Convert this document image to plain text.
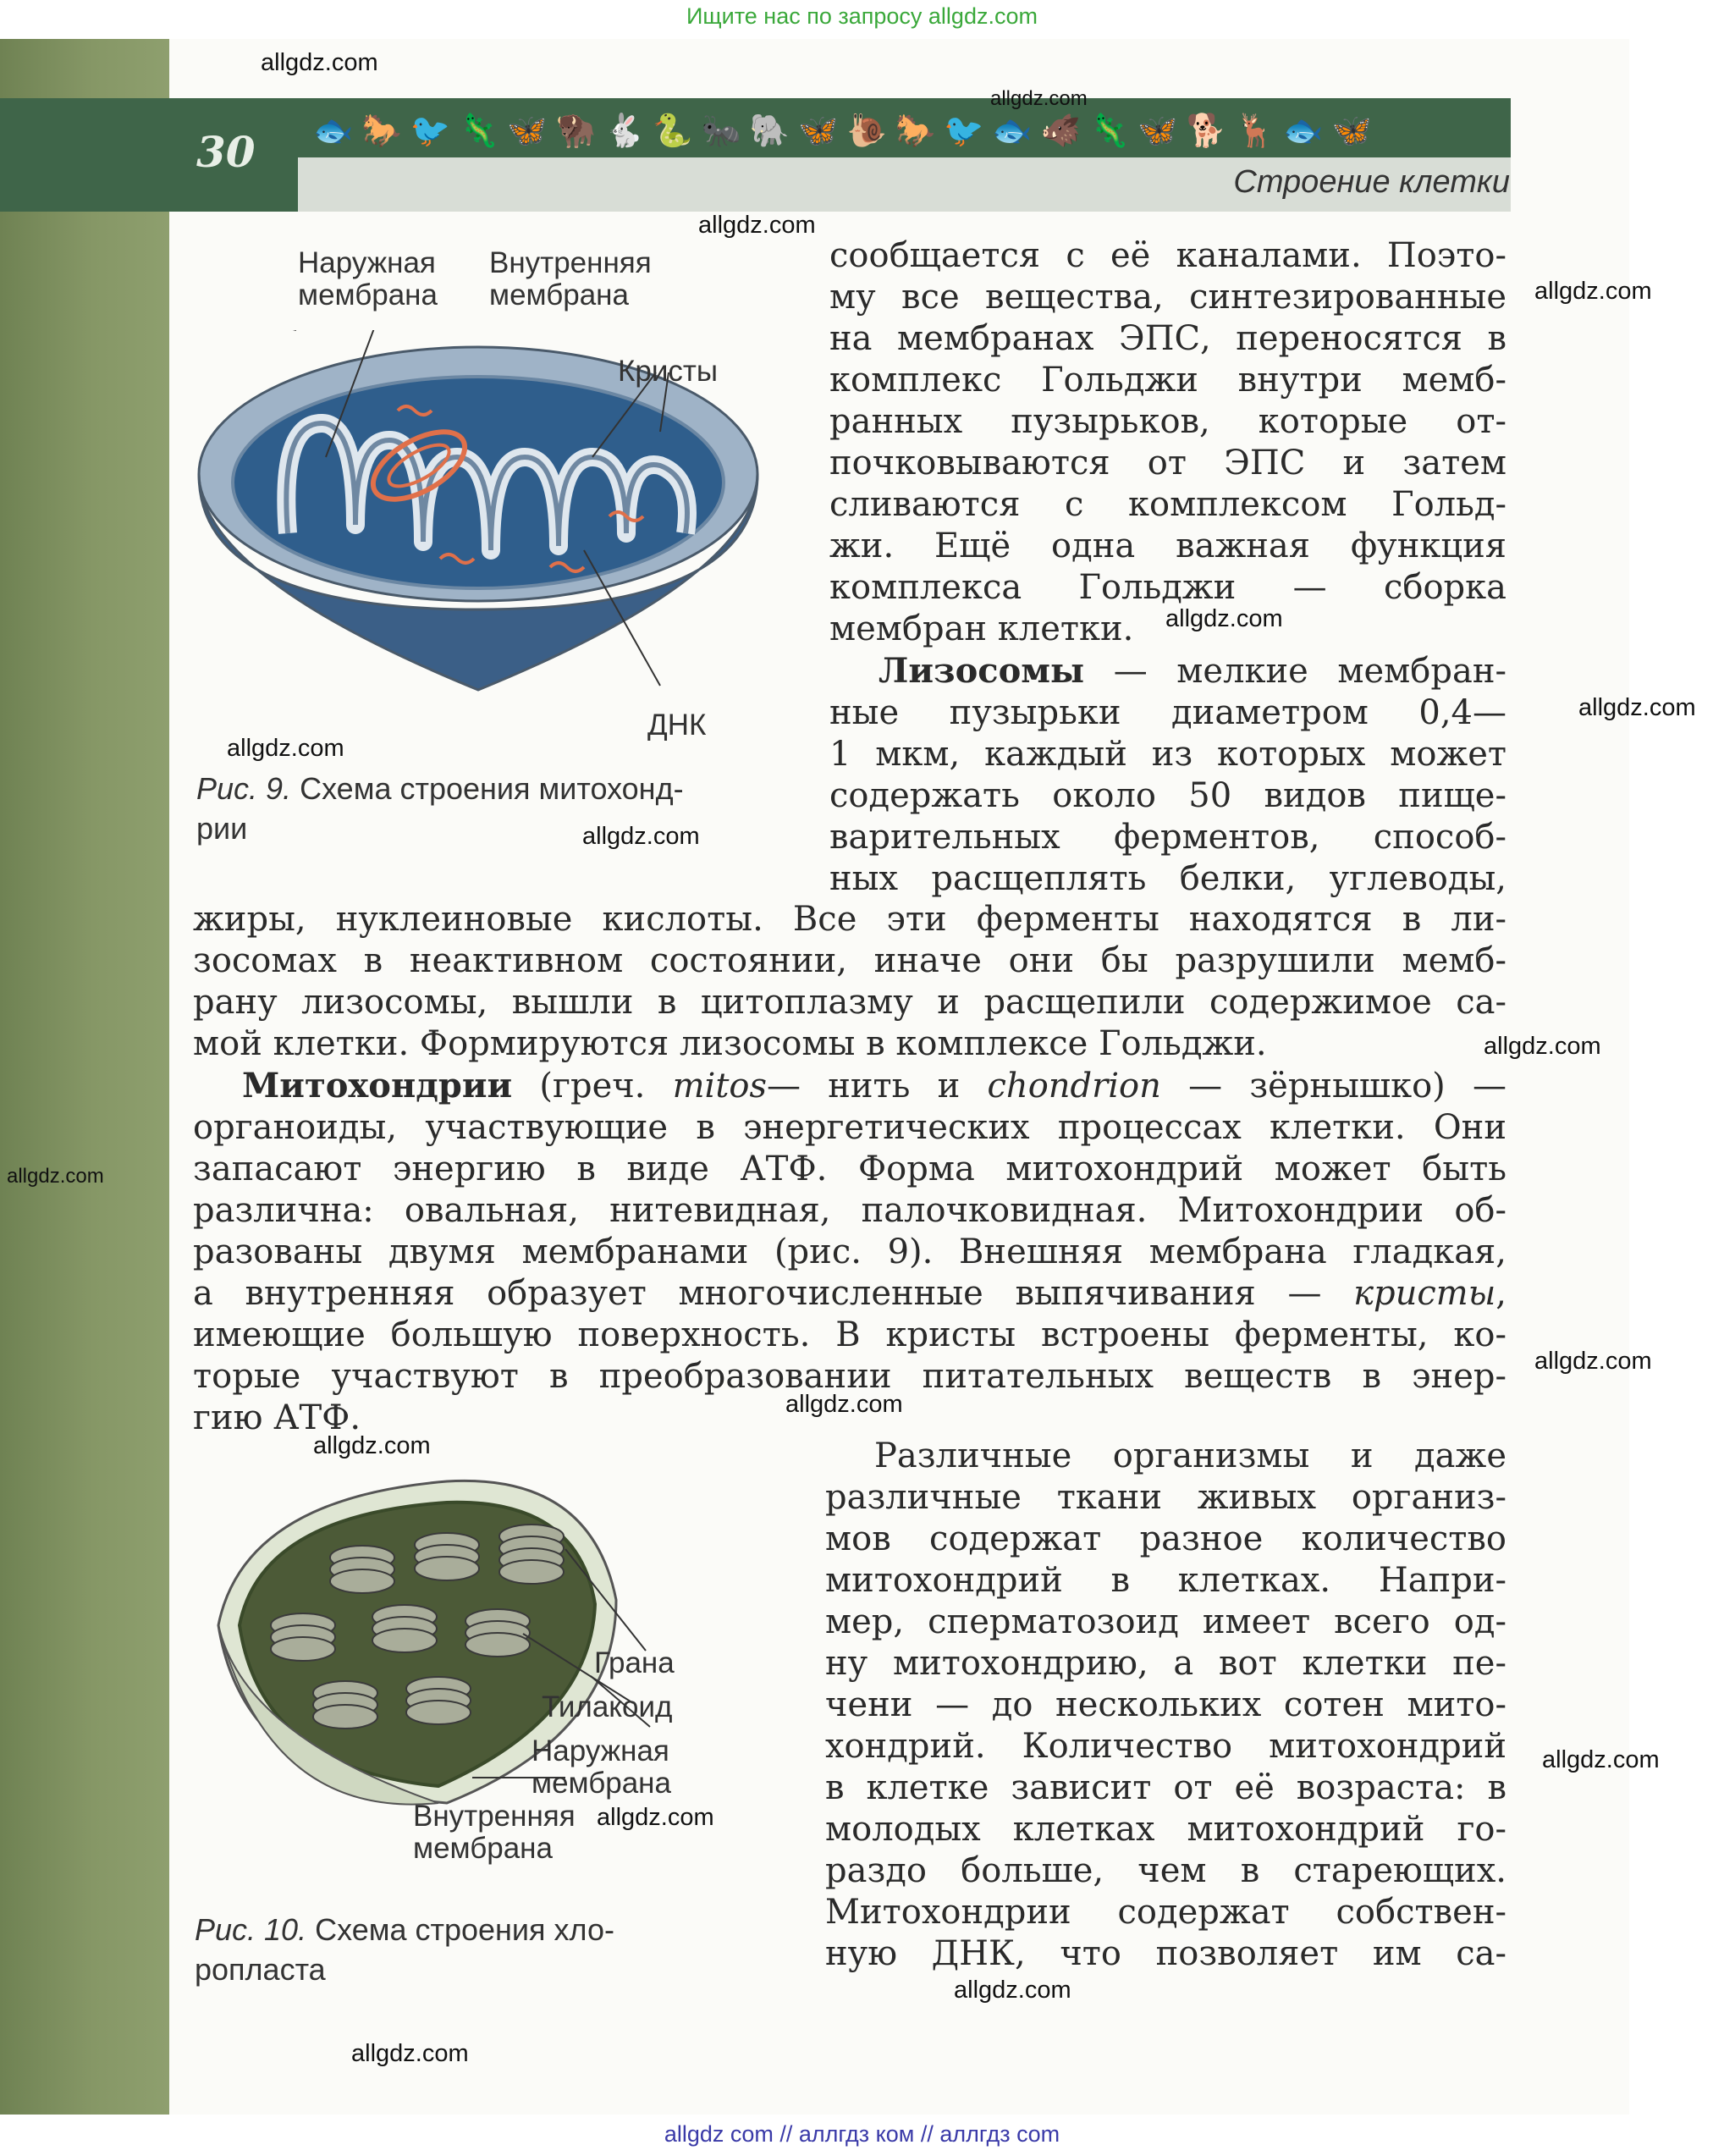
Ищите нас по запросу allgdz.com
30 🐟🐎🐦🦎🦋🦬🐇🐍🐜🐘🦋🐌🐎🐦🐟🐗🦎🦋🐕🦌🐟🦋
Строение клетки
Наружная
мембрана
Внутренняя
мембрана
Кристы
ДНК
Рис. 9. Схема строения митохонд-
рии
сообщается с её каналами. Поэто-
му все вещества, синтезированные
на мембранах ЭПС, переносятся в
комплекс Гольджи внутри мемб-
ранных пузырьков, которые от-
почковываются от ЭПС и затем
сливаются с комплексом Гольд-
жи. Ещё одна важная функция
комплекса Гольджи — сборка
мембран клетки.
Лизосомы — мелкие мембран-
ные пузырьки диаметром 0,4—
1 мкм, каждый из которых может
содержать около 50 видов пище-
варительных ферментов, способ-
ных расщеплять белки, углеводы,
жиры, нуклеиновые кислоты. Все эти ферменты находятся в ли-
зосомах в неактивном состоянии, иначе они бы разрушили мемб-
рану лизосомы, вышли в цитоплазму и расщепили содержимое са-
мой клетки. Формируются лизосомы в комплексе Гольджи.
Митохондрии (греч. mitos— нить и chondrion — зёрнышко) —
органоиды, участвующие в энергетических процессах клетки. Они
запасают энергию в виде АТФ. Форма митохондрий может быть
различна: овальная, нитевидная, палочковидная. Митохондрии об-
разованы двумя мембранами (рис. 9). Внешняя мембрана гладкая,
а внутренняя образует многочисленные выпячивания — кристы,
имеющие большую поверхность. В кристы встроены ферменты, ко-
торые участвуют в преобразовании питательных веществ в энер-
гию АТФ.
Грана
Тилакоид
Наружная
мембрана
Внутренняя
мембрана
Рис. 10. Схема строения хло-
ропласта
Различные организмы и даже
различные ткани живых организ-
мов содержат разное количество
митохондрий в клетках. Напри-
мер, сперматозоид имеет всего од-
ну митохондрию, а вот клетки пе-
чени — до нескольких сотен мито-
хондрий. Количество митохондрий
в клетке зависит от её возраста: в
молодых клетках митохондрий го-
раздо больше, чем в стареющих.
Митохондрии содержат собствен-
ную ДНК, что позволяет им са-
allgdz.com
allgdz.com
allgdz.com
allgdz.com
allgdz.com
allgdz.com
allgdz.com
allgdz.com
allgdz.com
allgdz.com
allgdz.com
allgdz.com
allgdz.com
allgdz.com
allgdz.com
allgdz.com
allgdz.com
allgdz com // аллгдз ком // аллгдз com
